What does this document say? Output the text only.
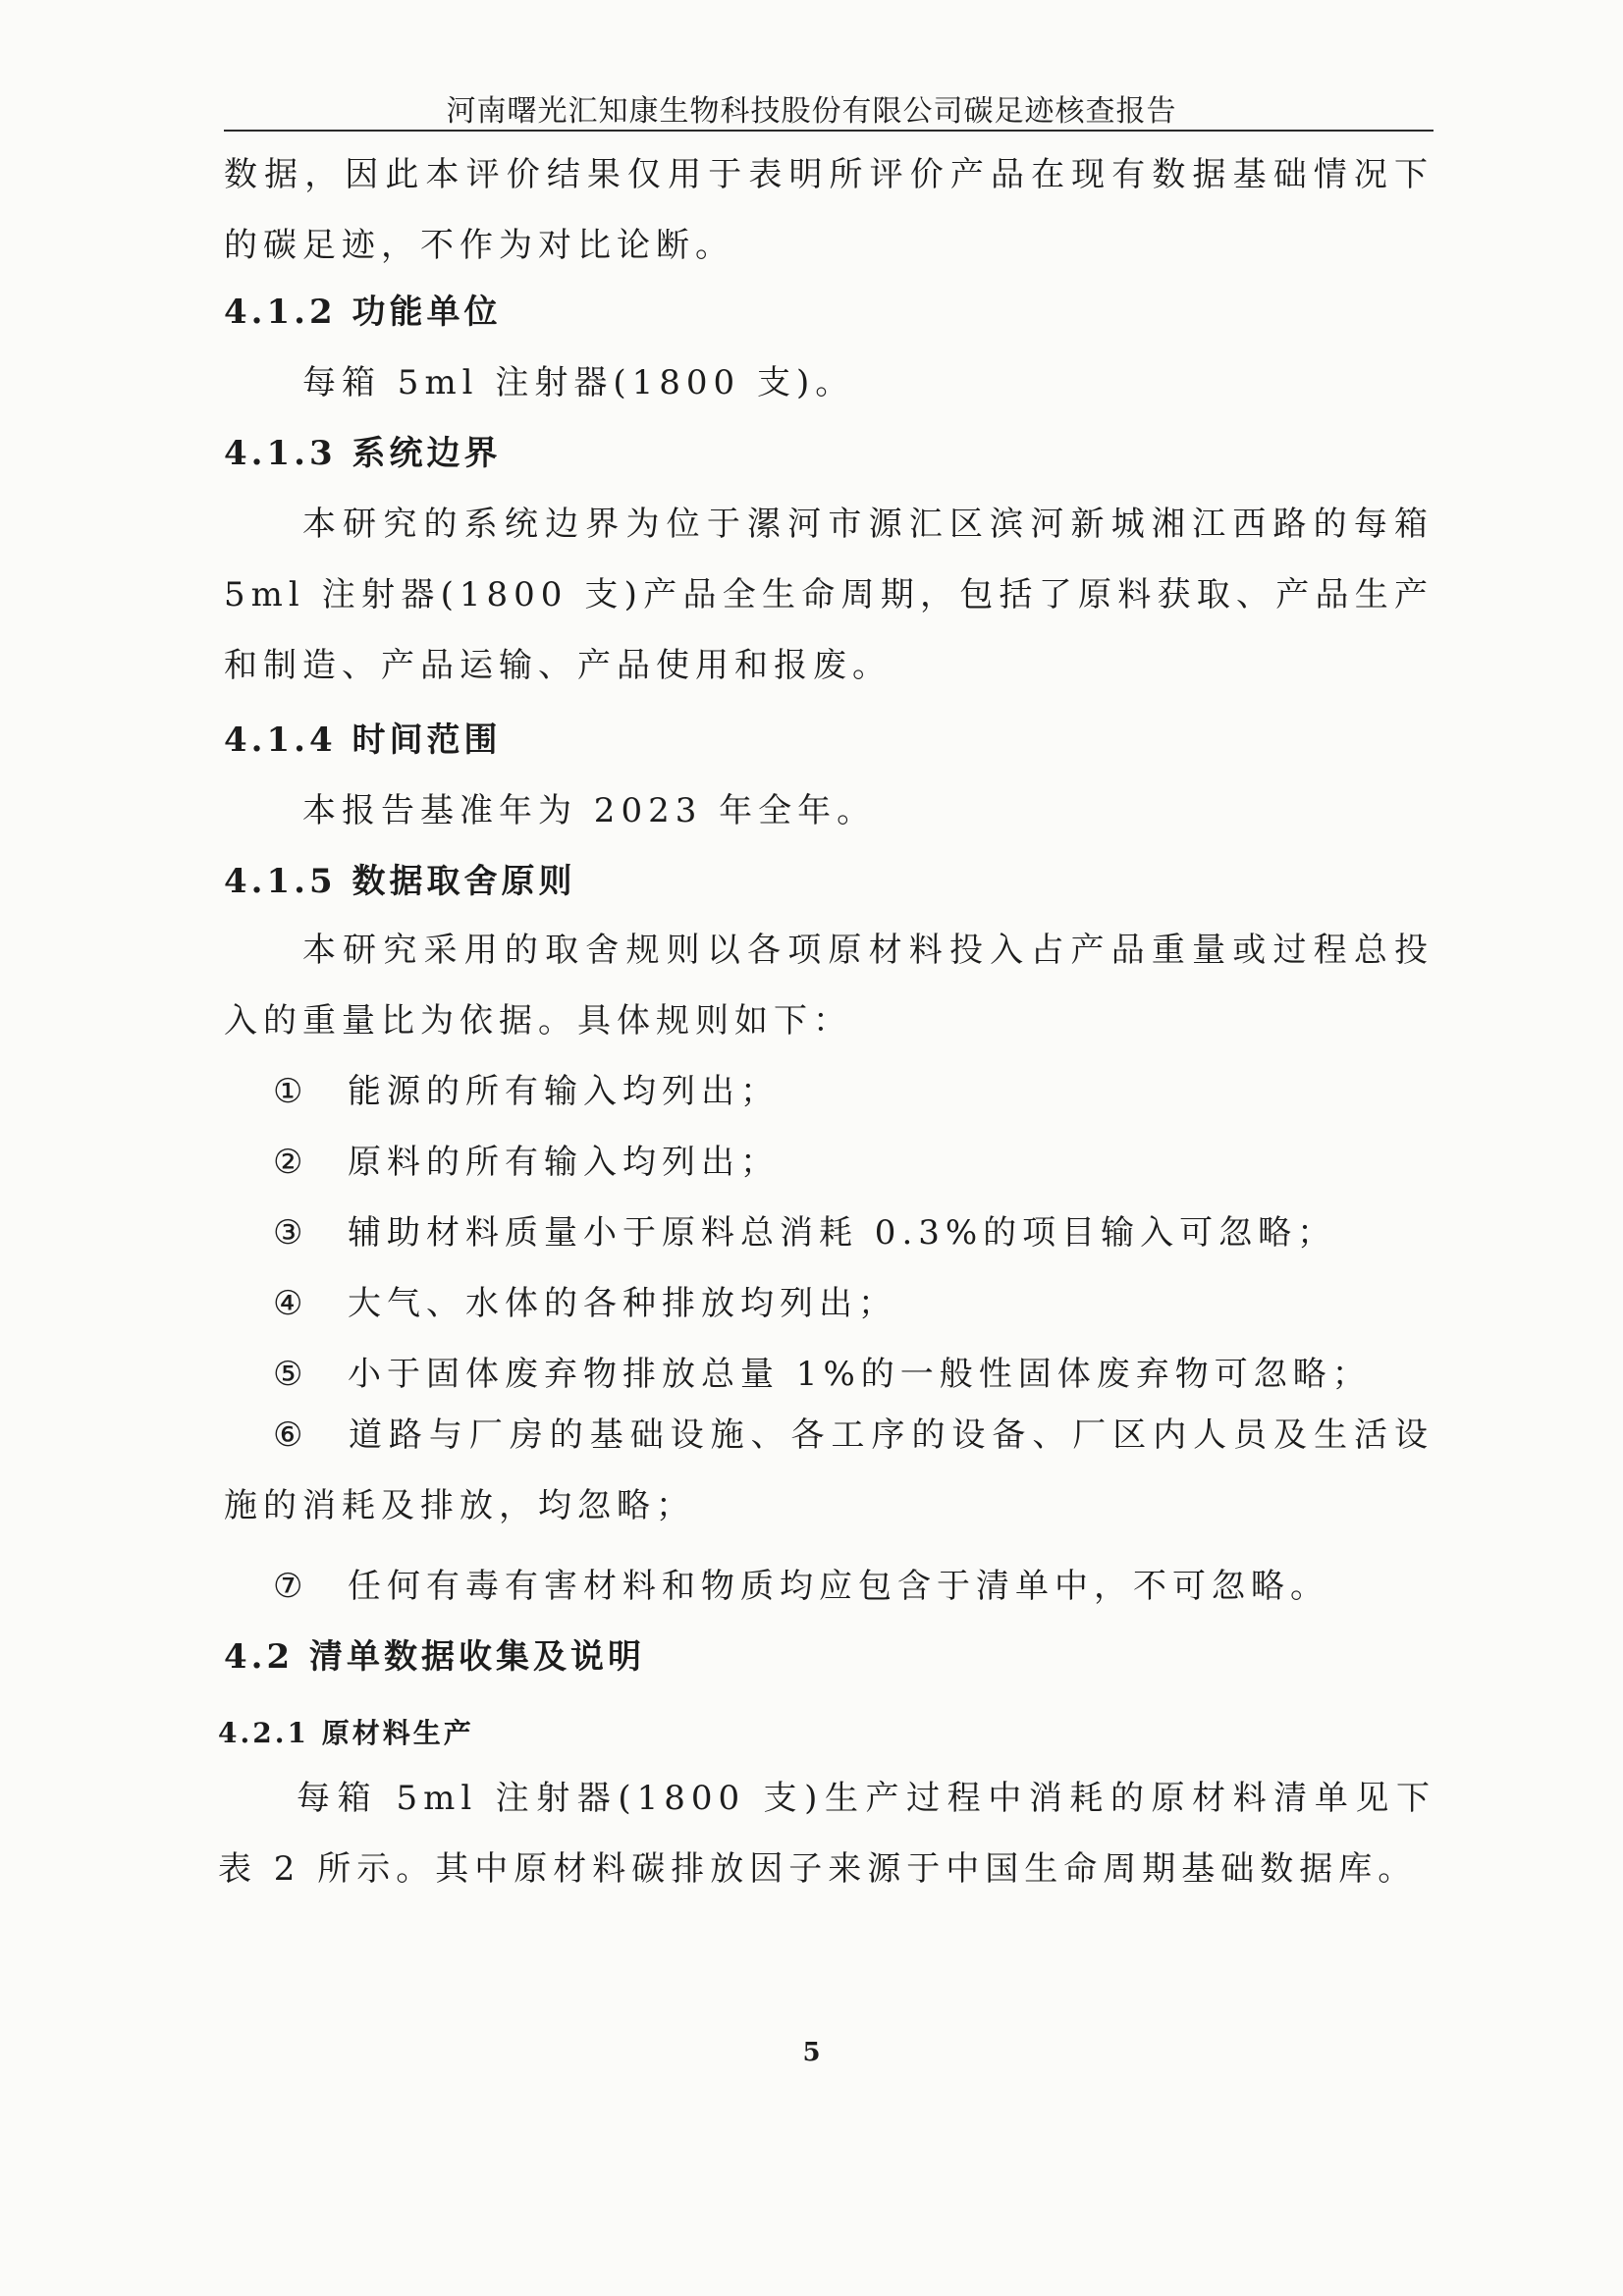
河南曙光汇知康生物科技股份有限公司碳足迹核查报告

数据，因此本评价结果仅用于表明所评价产品在现有数据基础情况下的碳足迹，不作为对比论断。

4.1.2 功能单位

每箱 5ml 注射器(1800 支)。

4.1.3 系统边界

本研究的系统边界为位于漯河市源汇区滨河新城湘江西路的每箱 5ml 注射器(1800 支)产品全生命周期，包括了原料获取、产品生产和制造、产品运输、产品使用和报废。

4.1.4 时间范围

本报告基准年为 2023 年全年。

4.1.5 数据取舍原则

本研究采用的取舍规则以各项原材料投入占产品重量或过程总投入的重量比为依据。具体规则如下：

① 能源的所有输入均列出；
② 原料的所有输入均列出；
③ 辅助材料质量小于原料总消耗 0.3%的项目输入可忽略；
④ 大气、水体的各种排放均列出；
⑤ 小于固体废弃物排放总量 1%的一般性固体废弃物可忽略；

⑥ 道路与厂房的基础设施、各工序的设备、厂区内人员及生活设施的消耗及排放，均忽略；

⑦ 任何有毒有害材料和物质均应包含于清单中，不可忽略。
4.2 清单数据收集及说明
4.2.1 原材料生产

每箱 5ml 注射器(1800 支)生产过程中消耗的原材料清单见下表 2 所示。其中原材料碳排放因子来源于中国生命周期基础数据库。

5
